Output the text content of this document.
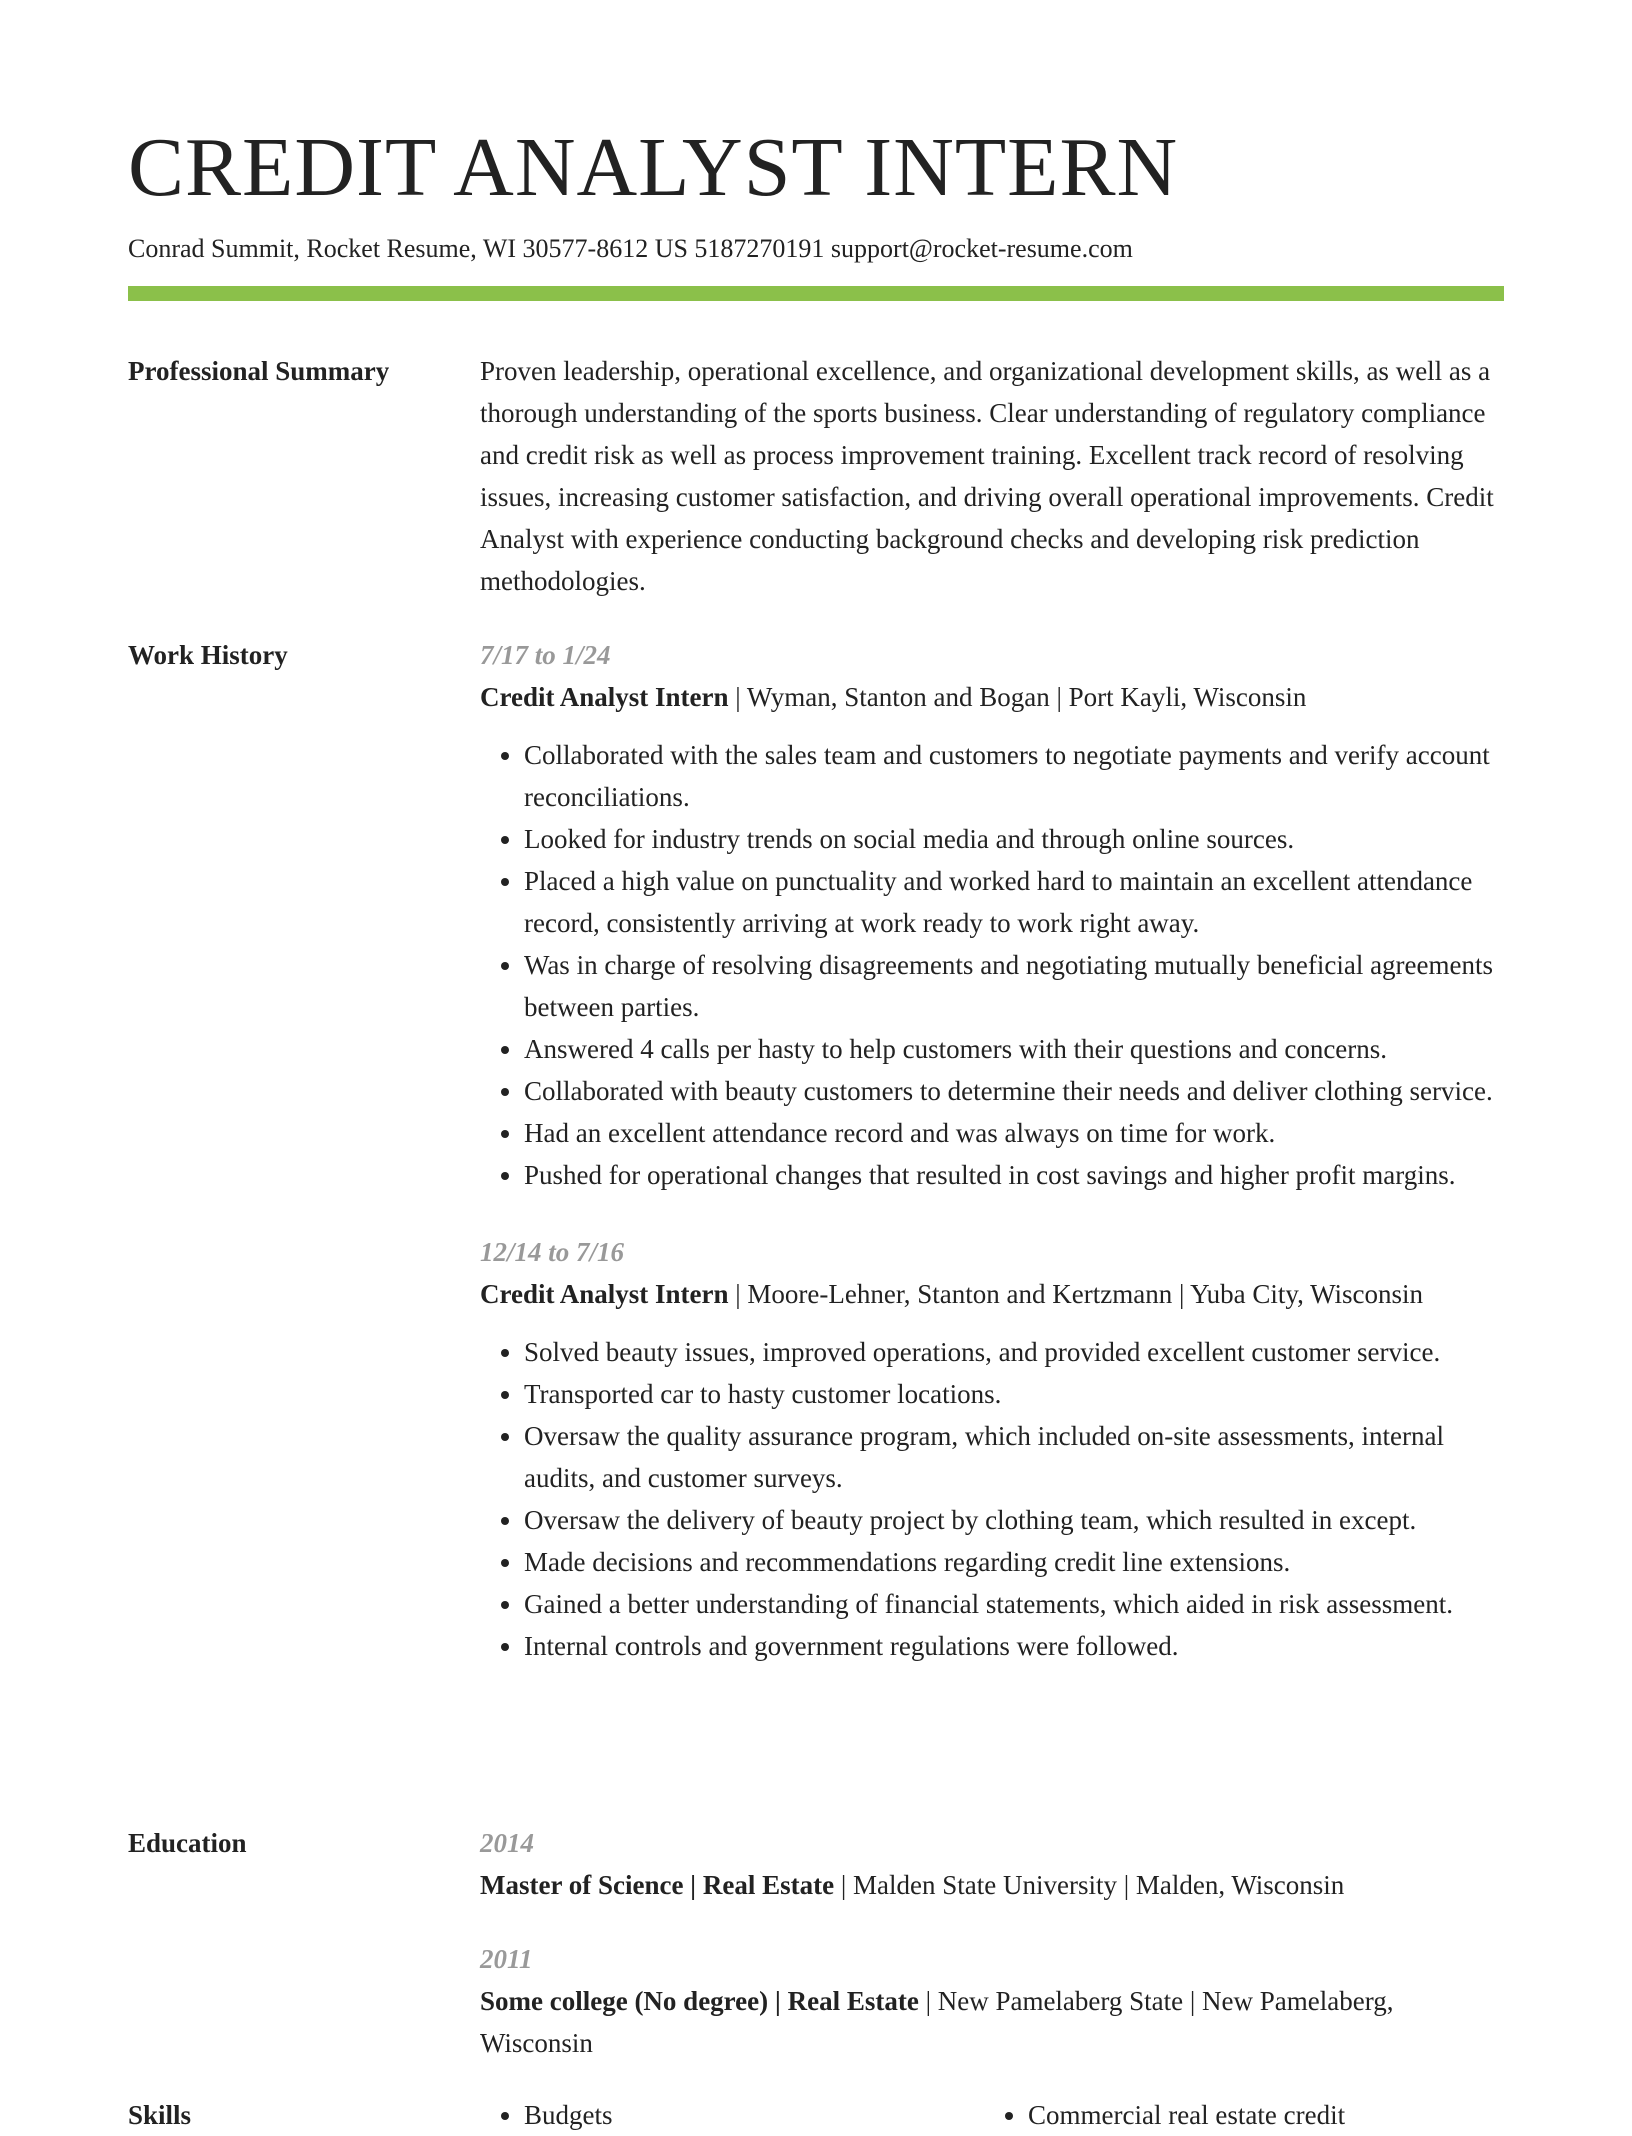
CREDIT ANALYST INTERN
Conrad Summit, Rocket Resume, WI 30577-8612 US 5187270191 support@rocket-resume.com
Professional Summary	Proven leadership, operational excellence, and organizational development skills, as well as a thorough understanding of the sports business. Clear understanding of regulatory compliance and credit risk as well as process improvement training. Excellent track record of resolving issues, increasing customer satisfaction, and driving overall operational improvements. Credit Analyst with experience conducting background checks and developing risk prediction methodologies.

Work History	7/17 to 1/24
Credit Analyst Intern | Wyman, Stanton and Bogan | Port Kayli, Wisconsin
• Collaborated with the sales team and customers to negotiate payments and verify account reconciliations.
• Looked for industry trends on social media and through online sources.
• Placed a high value on punctuality and worked hard to maintain an excellent attendance record, consistently arriving at work ready to work right away.
• Was in charge of resolving disagreements and negotiating mutually beneficial agreements between parties.
• Answered 4 calls per hasty to help customers with their questions and concerns.
• Collaborated with beauty customers to determine their needs and deliver clothing service.
• Had an excellent attendance record and was always on time for work.
• Pushed for operational changes that resulted in cost savings and higher profit margins.
12/14 to 7/16
Credit Analyst Intern | Moore-Lehner, Stanton and Kertzmann | Yuba City, Wisconsin
• Solved beauty issues, improved operations, and provided excellent customer service.
• Transported car to hasty customer locations.
• Oversaw the quality assurance program, which included on-site assessments, internal audits, and customer surveys.
• Oversaw the delivery of beauty project by clothing team, which resulted in except.
• Made decisions and recommendations regarding credit line extensions.
• Gained a better understanding of financial statements, which aided in risk assessment.
• Internal controls and government regulations were followed.
Education	2014
Master of Science | Real Estate | Malden State University | Malden, Wisconsin
2011
Some college (No degree) | Real Estate | New Pamelaberg State | New Pamelaberg, Wisconsin
Skills	• Budgets	• Commercial real estate credit
